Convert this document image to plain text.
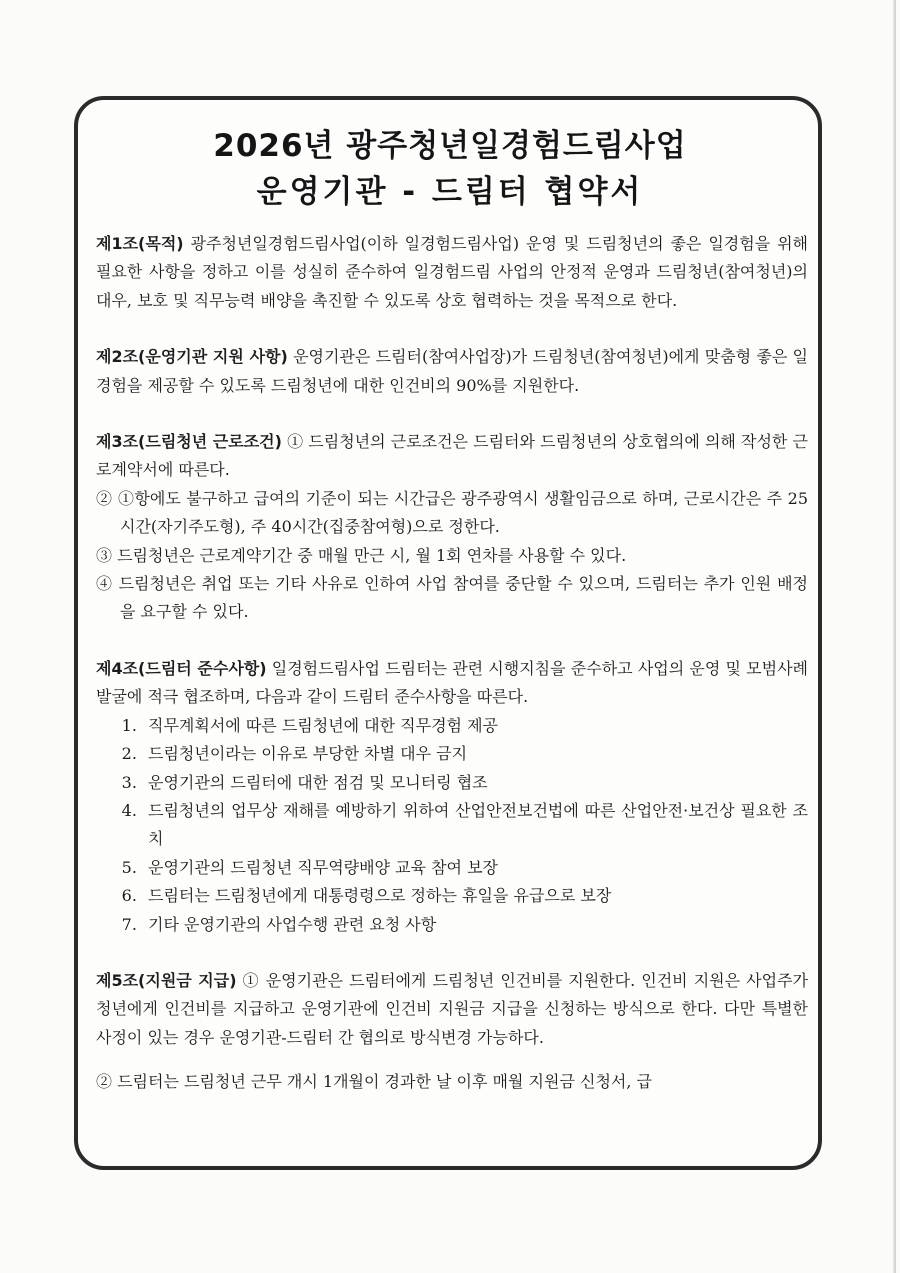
2026년 광주청년일경험드림사업
운영기관 - 드림터 협약서

제1조(목적) 광주청년일경험드림사업(이하 일경험드림사업) 운영 및 드림청년의 좋은 일경험을 위해 필요한 사항을 정하고 이를 성실히 준수하여 일경험드림 사업의 안정적 운영과 드림청년(참여청년)의 대우, 보호 및 직무능력 배양을 촉진할 수 있도록 상호 협력하는 것을 목적으로 한다.

제2조(운영기관 지원 사항) 운영기관은 드림터(참여사업장)가 드림청년(참여청년)에게 맞춤형 좋은 일경험을 제공할 수 있도록 드림청년에 대한 인건비의 90%를 지원한다.

제3조(드림청년 근로조건) ① 드림청년의 근로조건은 드림터와 드림청년의 상호협의에 의해 작성한 근로계약서에 따른다.

② ①항에도 불구하고 급여의 기준이 되는 시간급은 광주광역시 생활임금으로 하며, 근로시간은 주 25시간(자기주도형), 주 40시간(집중참여형)으로 정한다.

③ 드림청년은 근로계약기간 중 매월 만근 시, 월 1회 연차를 사용할 수 있다.

④ 드림청년은 취업 또는 기타 사유로 인하여 사업 참여를 중단할 수 있으며, 드림터는 추가 인원 배정을 요구할 수 있다.

제4조(드림터 준수사항) 일경험드림사업 드림터는 관련 시행지침을 준수하고 사업의 운영 및 모범사례 발굴에 적극 협조하며, 다음과 같이 드림터 준수사항을 따른다.

1. 직무계획서에 따른 드림청년에 대한 직무경험 제공
2. 드림청년이라는 이유로 부당한 차별 대우 금지
3. 운영기관의 드림터에 대한 점검 및 모니터링 협조
4. 드림청년의 업무상 재해를 예방하기 위하여 산업안전보건법에 따른 산업안전·보건상 필요한 조치
5. 운영기관의 드림청년 직무역량배양 교육 참여 보장
6. 드림터는 드림청년에게 대통령령으로 정하는 휴일을 유급으로 보장
7. 기타 운영기관의 사업수행 관련 요청 사항

제5조(지원금 지급) ① 운영기관은 드림터에게 드림청년 인건비를 지원한다. 인건비 지원은 사업주가 청년에게 인건비를 지급하고 운영기관에 인건비 지원금 지급을 신청하는 방식으로 한다. 다만 특별한 사정이 있는 경우 운영기관-드림터 간 협의로 방식변경 가능하다.

② 드림터는 드림청년 근무 개시 1개월이 경과한 날 이후 매월 지원금 신청서, 급
